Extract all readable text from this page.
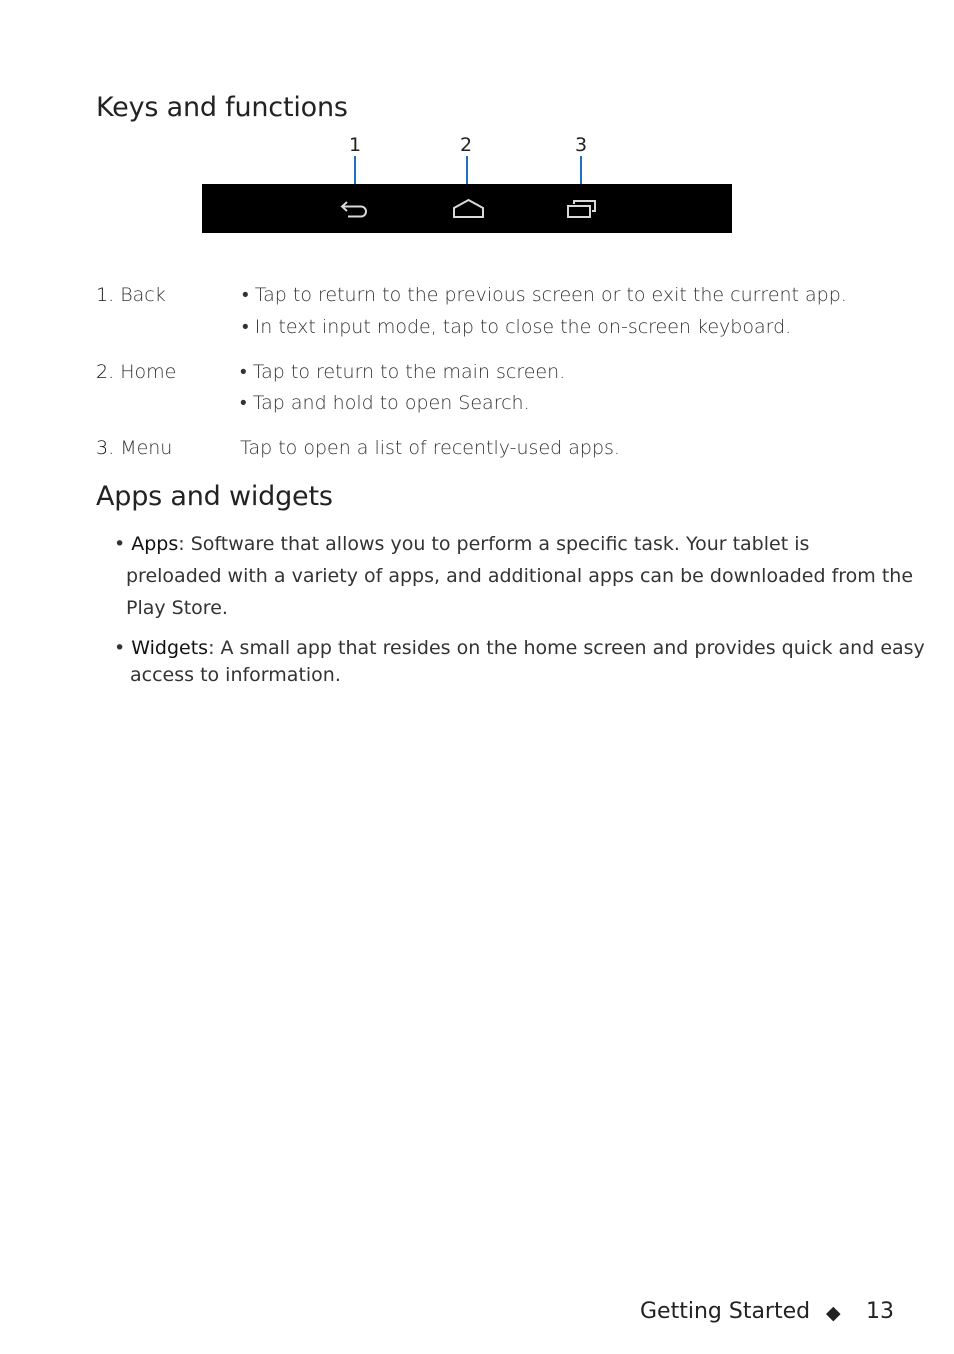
Keys and functions
1	2	3
1. Back	• Tap to return to the previous screen or to exit the current app.
• In text input mode, tap to close the on-screen keyboard.
2. Home	• Tap to return to the main screen.
• Tap and hold to open Search.
3. Menu	Tap to open a list of recently-used apps.
Apps and widgets
• Apps: Software that allows you to perform a specific task. Your tablet is
preloaded with a variety of apps, and additional apps can be downloaded from the
Play Store.
• Widgets: A small app that resides on the home screen and provides quick and easy
access to information.
Getting Started ◆ 13
